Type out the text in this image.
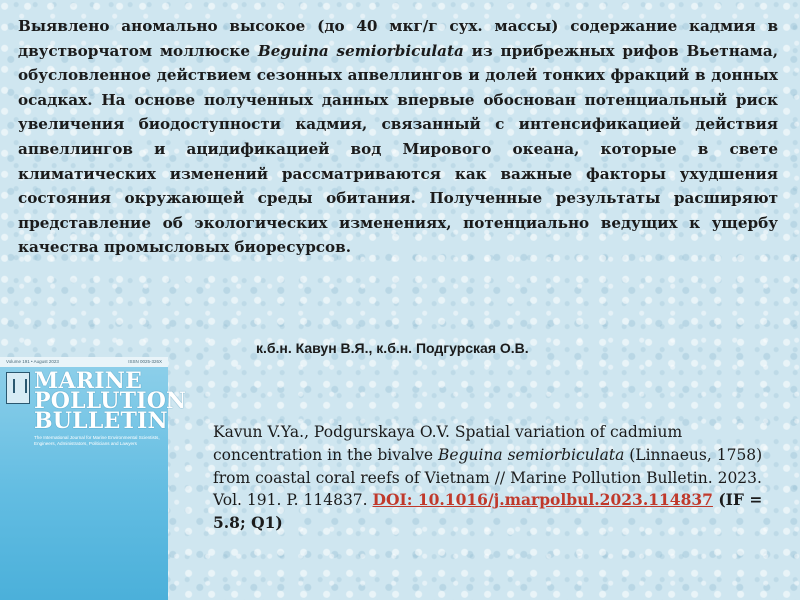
Выявлено аномально высокое (до 40 мкг/г сух. массы) содержание кадмия в двустворчатом моллюске Beguina semiorbiculata из прибрежных рифов Вьетнама, обусловленное действием сезонных апвеллингов и долей тонких фракций в донных осадках. На основе полученных данных впервые обоснован потенциальный риск увеличения биодоступности кадмия, связанный с интенсификацией действия апвеллингов и ацидификацией вод Мирового океана, которые в свете климатических изменений рассматриваются как важные факторы ухудшения состояния окружающей среды обитания. Полученные результаты расширяют представление об экологических изменениях, потенциально ведущих к ущербу качества промысловых биоресурсов.

к.б.н. Кавун В.Я., к.б.н. Подгурская О.В.
Volume 191 • August 2023	ISSN 0025-326X
MARINE
POLLUTION
BULLETIN
The International Journal for Marine Environmental Scientists, Engineers, Administrators, Politicians and Lawyers

Kavun V.Ya., Podgurskaya O.V. Spatial variation of cadmium concentration in the bivalve Beguina semiorbiculata (Linnaeus, 1758) from coastal coral reefs of Vietnam // Marine Pollution Bulletin. 2023. Vol. 191. P. 114837. DOI: 10.1016/j.marpolbul.2023.114837 (IF = 5.8; Q1)
